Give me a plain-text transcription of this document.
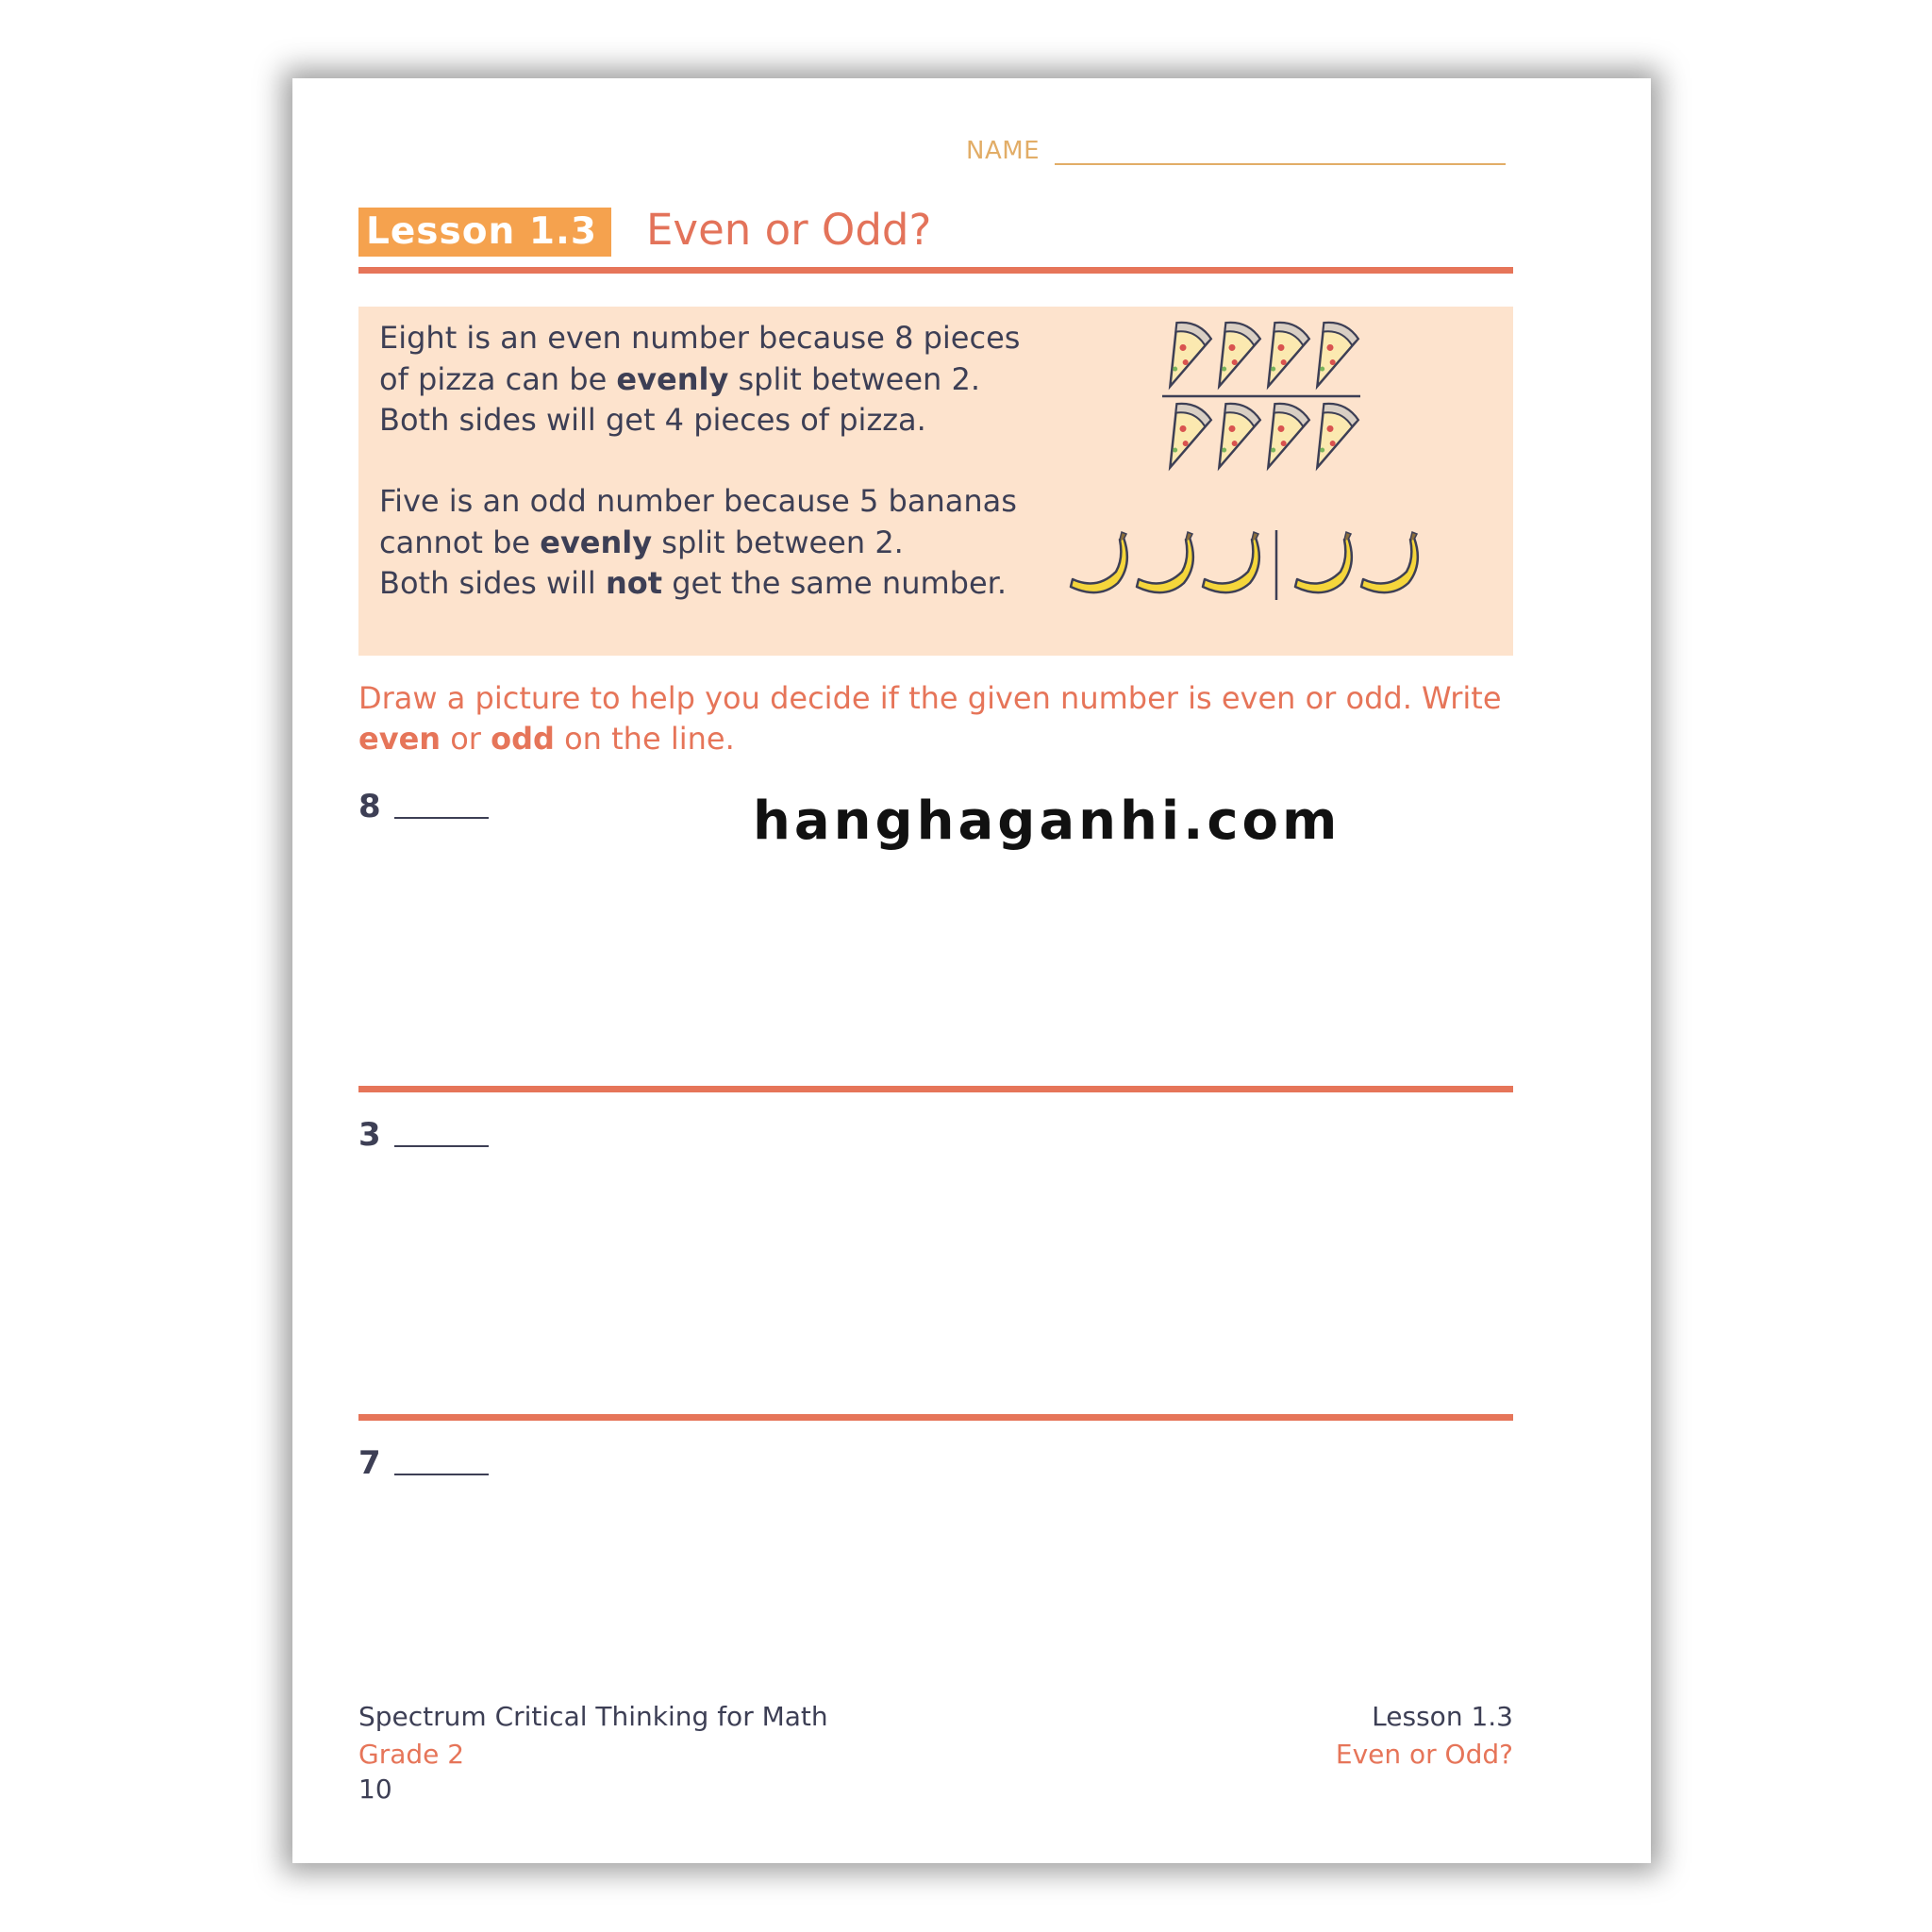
NAME
Lesson 1.3	Even or Odd?
Eight is an even number because 8 pieces
of pizza can be evenly split between 2.
Both sides will get 4 pieces of pizza.
Five is an odd number because 5 bananas
cannot be evenly split between 2.
Both sides will not get the same number.
Draw a picture to help you decide if the given number is even or odd. Write even or odd on the line.
8	hanghaganhi.com
3
7
Spectrum Critical Thinking for Math
Grade 2
10
Lesson 1.3
Even or Odd?
